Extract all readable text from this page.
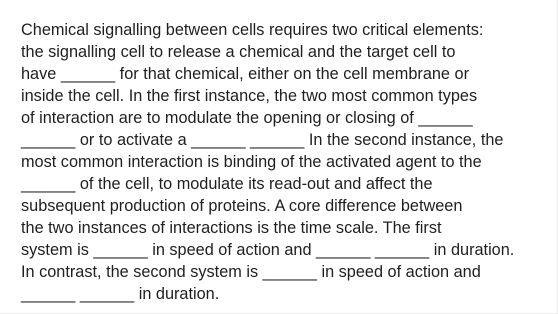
Chemical signalling between cells requires two critical elements:
the signalling cell to release a chemical and the target cell to
have ______ for that chemical, either on the cell membrane or
inside the cell. In the first instance, the two most common types
of interaction are to modulate the opening or closing of ______
______ or to activate a ______ ______ In the second instance, the
most common interaction is binding of the activated agent to the
______ of the cell, to modulate its read-out and affect the
subsequent production of proteins. A core difference between
the two instances of interactions is the time scale. The first
system is ______ in speed of action and ______ ______ in duration.
In contrast, the second system is ______ in speed of action and
______ ______ in duration.
